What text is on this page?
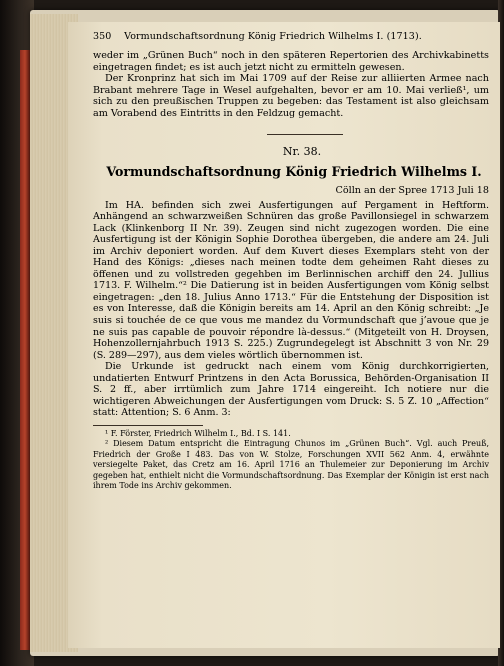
350 Vormundschaftsordnung König Friedrich Wilhelms I. (1713).

weder im „Grünen Buch“ noch in den späteren Repertorien des Archivkabinetts eingetragen findet; es ist auch jetzt nicht zu ermitteln gewesen.

Der Kronprinz hat sich im Mai 1709 auf der Reise zur alliierten Armee nach Brabant mehrere Tage in Wesel aufgehalten, bevor er am 10. Mai verließ¹, um sich zu den preußischen Truppen zu begeben: das Testament ist also gleichsam am Vorabend des Eintritts in den Feldzug gemacht.

Nr. 38.
Vormundschaftsordnung König Friedrich Wilhelms I.
Cölln an der Spree 1713 Juli 18

Im HA. befinden sich zwei Ausfertigungen auf Pergament in Heftform. Anhängend an schwarzweißen Schnüren das große Pavillonsiegel in schwarzem Lack (Klinkenborg II Nr. 39). Zeugen sind nicht zugezogen worden. Die eine Ausfertigung ist der Königin Sophie Dorothea übergeben, die andere am 24. Juli im Archiv deponiert worden. Auf dem Kuvert dieses Exemplars steht von der Hand des Königs: „dieses nach meinen todte dem geheimen Raht dieses zu öffenen und zu vollstreden gegehben im Berlinnischen archiff den 24. Jullius 1713. F. Wilhelm.“² Die Datierung ist in beiden Ausfertigungen vom König selbst eingetragen: „den 18. Julius Anno 1713.“ Für die Entstehung der Disposition ist es von Interesse, daß die Königin bereits am 14. April an den König schreibt: „Je suis si touchée de ce que vous me mandez du Vormundschaft que j’avoue que je ne suis pas capable de pouvoir répondre là-dessus.“ (Mitgeteilt von H. Droysen, Hohenzollernjahrbuch 1913 S. 225.) Zugrundegelegt ist Abschnitt 3 von Nr. 29 (S. 289—297), aus dem vieles wörtlich übernommen ist.

Die Urkunde ist gedruckt nach einem vom König durchkorrigierten, undatierten Entwurf Printzens in den Acta Borussica, Behörden-Organisation II S. 2 ff., aber irrtümlich zum Jahre 1714 eingereiht. Ich notiere nur die wichtigeren Abweichungen der Ausfertigungen vom Druck: S. 5 Z. 10 „Affection“ statt: Attention; S. 6 Anm. 3:

¹ F. Förster, Friedrich Wilhelm I., Bd. I S. 141.

² Diesem Datum entspricht die Eintragung Chunos im „Grünen Buch“. Vgl. auch Preuß, Friedrich der Große I 483. Das von W. Stolze, Forschungen XVII 562 Anm. 4, erwähnte versiegelte Paket, das Cretz am 16. April 1716 an Thulemeier zur Deponierung im Archiv gegeben hat, enthielt nicht die Vormundschaftsordnung. Das Exemplar der Königin ist erst nach ihrem Tode ins Archiv gekommen.
